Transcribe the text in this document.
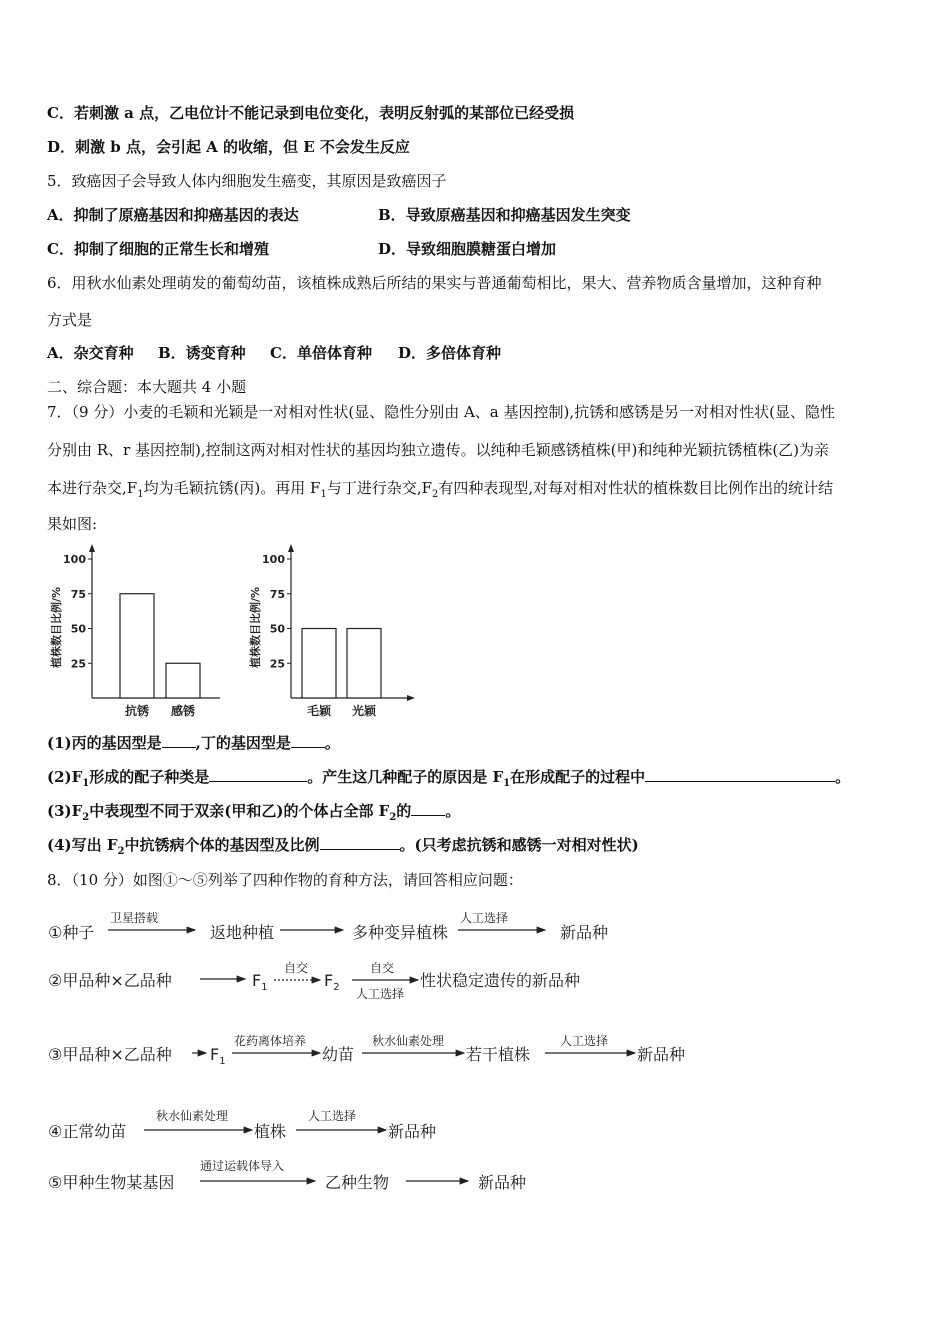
C．若刺激 a 点，乙电位计不能记录到电位变化，表明反射弧的某部位已经受损
D．刺激 b 点，会引起 A 的收缩，但 E 不会发生反应
5．致癌因子会导致人体内细胞发生癌变，其原因是致癌因子
A．抑制了原癌基因和抑癌基因的表达	B．导致原癌基因和抑癌基因发生突变
C．抑制了细胞的正常生长和增殖	D．导致细胞膜糖蛋白增加
6．用秋水仙素处理萌发的葡萄幼苗，该植株成熟后所结的果实与普通葡萄相比，果大、营养物质含量增加，这种育种
方式是
A．杂交育种 B．诱变育种 C．单倍体育种 D．多倍体育种
二、综合题：本大题共 4 小题
7．（9 分）小麦的毛颖和光颖是一对相对性状(显、隐性分别由 A、a 基因控制),抗锈和感锈是另一对相对性状(显、隐性
分别由 R、r 基因控制),控制这两对相对性状的基因均独立遗传。以纯种毛颖感锈植株(甲)和纯种光颖抗锈植株(乙)为亲
本进行杂交$,F_1$均为毛颖抗锈(丙)。再用 $F_1$与丁进行杂交$,F_2$有四种表现型,对每对相对性状的植株数目比例作出的统计结
果如图:
25
50
75
100
植株数目比例/%
抗锈 感锈
25
50
75
100
植株数目比例/%
毛颖 光颖
(1)丙的基因型是 ,丁的基因型是 。
$(2)F_1$形成的配子种类是	。产生这几种配子的原因是 $F_1$在形成配子的过程中	。
$(3)F_2$中表现型不同于双亲(甲和乙)的个体占全部 $F_2$的 。
(4)写出 $F_2$中抗锈病个体的基因型及比例	。(只考虑抗锈和感锈一对相对性状)
8．（10 分）如图①～⑤列举了四种作物的育种方法，请回答相应问题：
①种子
卫星搭载
返地种植	多种变异植株
人工选择
新品种
②甲品种×乙品种	$F_1$
自交
$F_2$
自交
人工选择
性状稳定遗传的新品种
③甲品种×乙品种 $F_1$
花药离体培养
幼苗
秋水仙素处理
若干植株
人工选择
新品种
④正常幼苗
秋水仙素处理
植株
人工选择
新品种
⑤甲种生物某基因
通过运载体导入
乙种生物	新品种
